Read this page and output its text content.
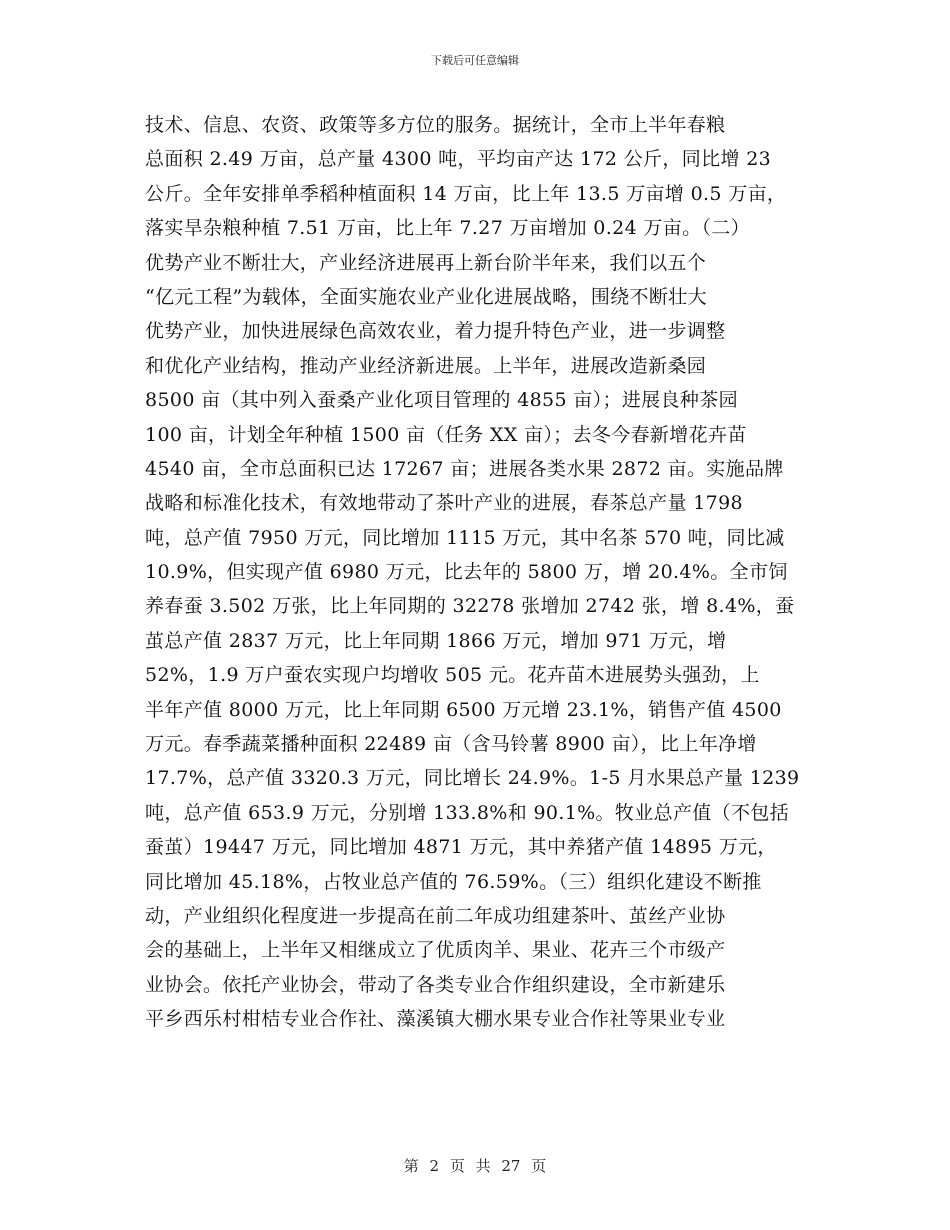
下载后可任意编辑
技术、信息、农资、政策等多方位的服务。据统计，全市上半年春粮
总面积 2.49 万亩，总产量 4300 吨，平均亩产达 172 公斤，同比增 23
公斤。全年安排单季稻种植面积 14 万亩，比上年 13.5 万亩增 0.5 万亩，
落实旱杂粮种植 7.51 万亩，比上年 7.27 万亩增加 0.24 万亩。（二）
优势产业不断壮大，产业经济进展再上新台阶半年来，我们以五个
“亿元工程”为载体，全面实施农业产业化进展战略，围绕不断壮大
优势产业，加快进展绿色高效农业，着力提升特色产业，进一步调整
和优化产业结构，推动产业经济新进展。上半年，进展改造新桑园
8500 亩（其中列入蚕桑产业化项目管理的 4855 亩）；进展良种茶园
100 亩，计划全年种植 1500 亩（任务 XX 亩）；去冬今春新增花卉苗
4540 亩，全市总面积已达 17267 亩；进展各类水果 2872 亩。实施品牌
战略和标准化技术，有效地带动了茶叶产业的进展，春茶总产量 1798
吨，总产值 7950 万元，同比增加 1115 万元，其中名茶 570 吨，同比减
10.9%，但实现产值 6980 万元，比去年的 5800 万，增 20.4%。全市饲
养春蚕 3.502 万张，比上年同期的 32278 张增加 2742 张，增 8.4%，蚕
茧总产值 2837 万元，比上年同期 1866 万元，增加 971 万元，增
52%，1.9 万户蚕农实现户均增收 505 元。花卉苗木进展势头强劲，上
半年产值 8000 万元，比上年同期 6500 万元增 23.1%，销售产值 4500
万元。春季蔬菜播种面积 22489 亩（含马铃薯 8900 亩），比上年净增
17.7%，总产值 3320.3 万元，同比增长 24.9%。1-5 月水果总产量 1239
吨，总产值 653.9 万元，分别增 133.8%和 90.1%。牧业总产值（不包括
蚕茧）19447 万元，同比增加 4871 万元，其中养猪产值 14895 万元，
同比增加 45.18%，占牧业总产值的 76.59%。（三）组织化建设不断推
动，产业组织化程度进一步提高在前二年成功组建茶叶、茧丝产业协
会的基础上，上半年又相继成立了优质肉羊、果业、花卉三个市级产
业协会。依托产业协会，带动了各类专业合作组织建设，全市新建乐
平乡西乐村柑桔专业合作社、藻溪镇大棚水果专业合作社等果业专业
第 2 页 共 27 页
